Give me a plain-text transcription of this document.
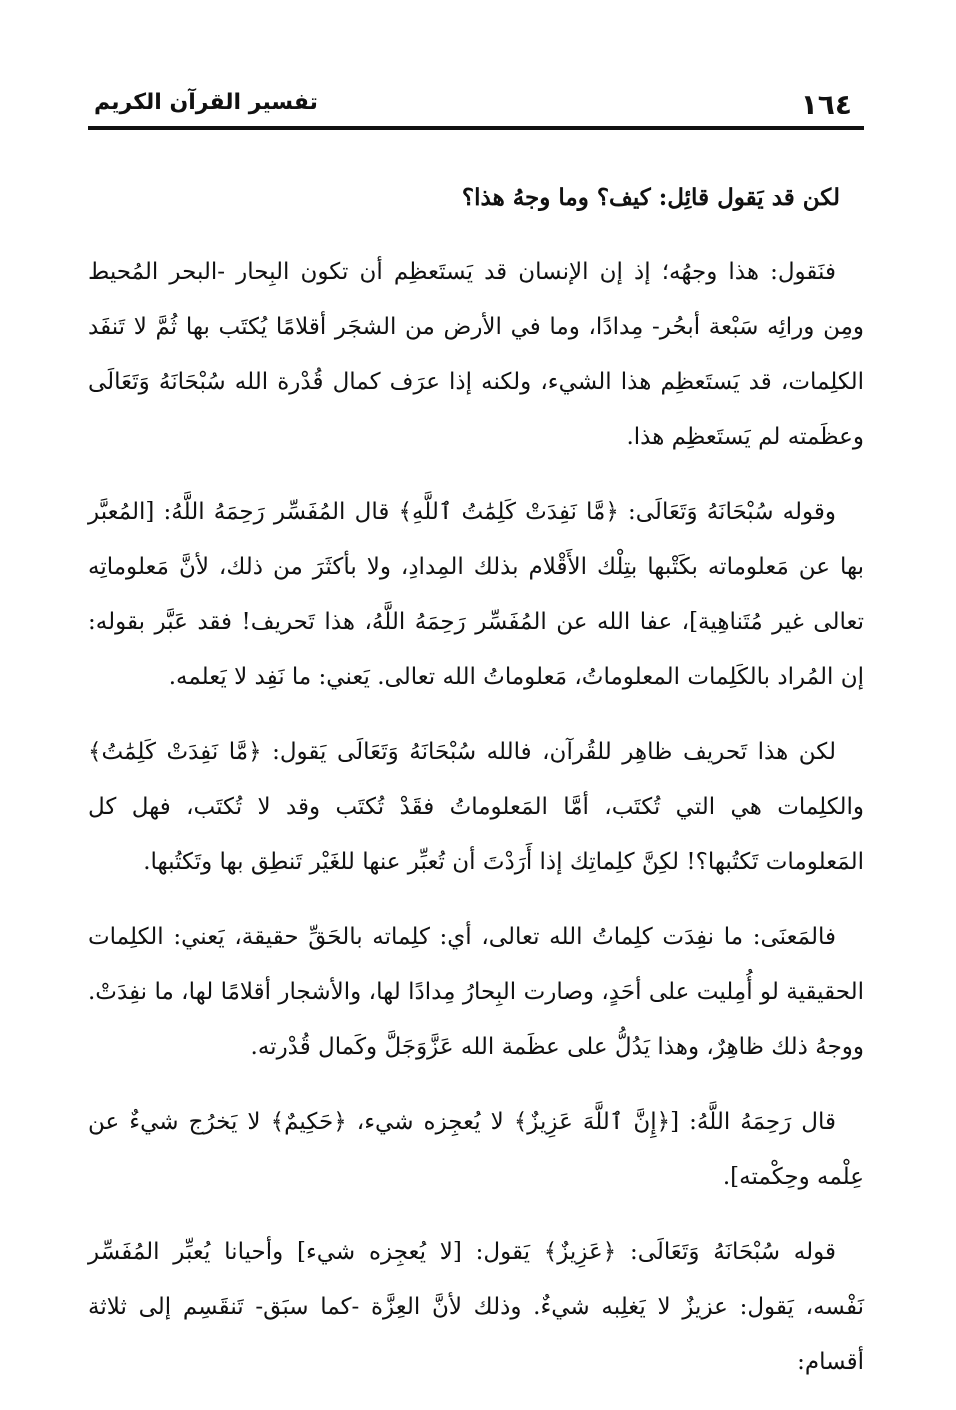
١٦٤
تفسير القرآن الكريم

لكن قد يَقول قائِل: كيف؟ وما وجهُ هذا؟

فنَقول: هذا وجهُه؛ إذ إن الإنسان قد يَستَعظِم أن تكون البِحار -البحر المُحيط ومِن ورائِه سَبْعة أبحُر- مِدادًا، وما في الأرض من الشجَر أقلامًا يُكتَب بها ثُمَّ لا تَنفَد الكلِمات، قد يَستَعظِم هذا الشيء، ولكنه إذا عرَف كمال قُدْرة الله سُبْحَانَهُ وَتَعَالَى وعظَمته لم يَستَعظِم هذا.

وقوله سُبْحَانَهُ وَتَعَالَى: ﴿مَّا نَفِدَتْ كَلِمَٰتُ ٱللَّهِ﴾ قال المُفَسِّر رَحِمَهُ اللَّهُ: [المُعبَّر بها عن مَعلوماته بكَتْبها بتِلْك الأَقْلام بذلك المِدادِ، ولا بأكثَرَ من ذلك، لأنَّ مَعلوماتِه تعالى غير مُتَناهِية]، عفا الله عن المُفَسِّر رَحِمَهُ اللَّهُ، هذا تَحريف! فقد عَبَّر بقوله: إن المُراد بالكَلِمات المعلوماتُ، مَعلوماتُ الله تعالى. يَعني: ما نَفِد لا يَعلمه.

لكن هذا تَحريف ظاهِر للقُرآن، فالله سُبْحَانَهُ وَتَعَالَى يَقول: ﴿مَّا نَفِدَتْ كَلِمَٰتُ﴾ والكلِمات هي التي تُكتَب، أمَّا المَعلوماتُ فقَدْ تُكتَب وقد لا تُكتَب، فهل كل المَعلومات تَكتُبها؟! لكِنَّ كلِماتِك إذا أَرَدْتَ أن تُعبِّر عنها للغَيْر تَنطِق بها وتَكتُبها.

فالمَعنَى: ما نفِدَت كلِماتُ الله تعالى، أي: كلِماته بالحَقِّ حقيقة، يَعني: الكلِمات الحقيقية لو أُمِليت على أحَدٍ، وصارت البِحارُ مِدادًا لها، والأشجار أقلامًا لها، ما نفِدَتْ. ووجهُ ذلك ظاهِرٌ، وهذا يَدُلُّ على عظَمة الله عَزَّوَجَلَّ وكَمال قُدْرته.

قال رَحِمَهُ اللَّهُ: [﴿إِنَّ ٱللَّهَ عَزِيزٌ﴾ لا يُعجِزه شيء، ﴿حَكِيمٌ﴾ لا يَخرُج شيءٌ عن عِلْمه وحِكْمته].

قوله سُبْحَانَهُ وَتَعَالَى: ﴿عَزِيزٌ﴾ يَقول: [لا يُعجِزه شيء] وأحيانا يُعبِّر المُفَسِّر نَفْسه، يَقول: عزيزٌ لا يَغلِبه شيءٌ. وذلك لأنَّ العِزَّة -كما سبَق- تَنقَسِم إلى ثلاثة أقسام:
